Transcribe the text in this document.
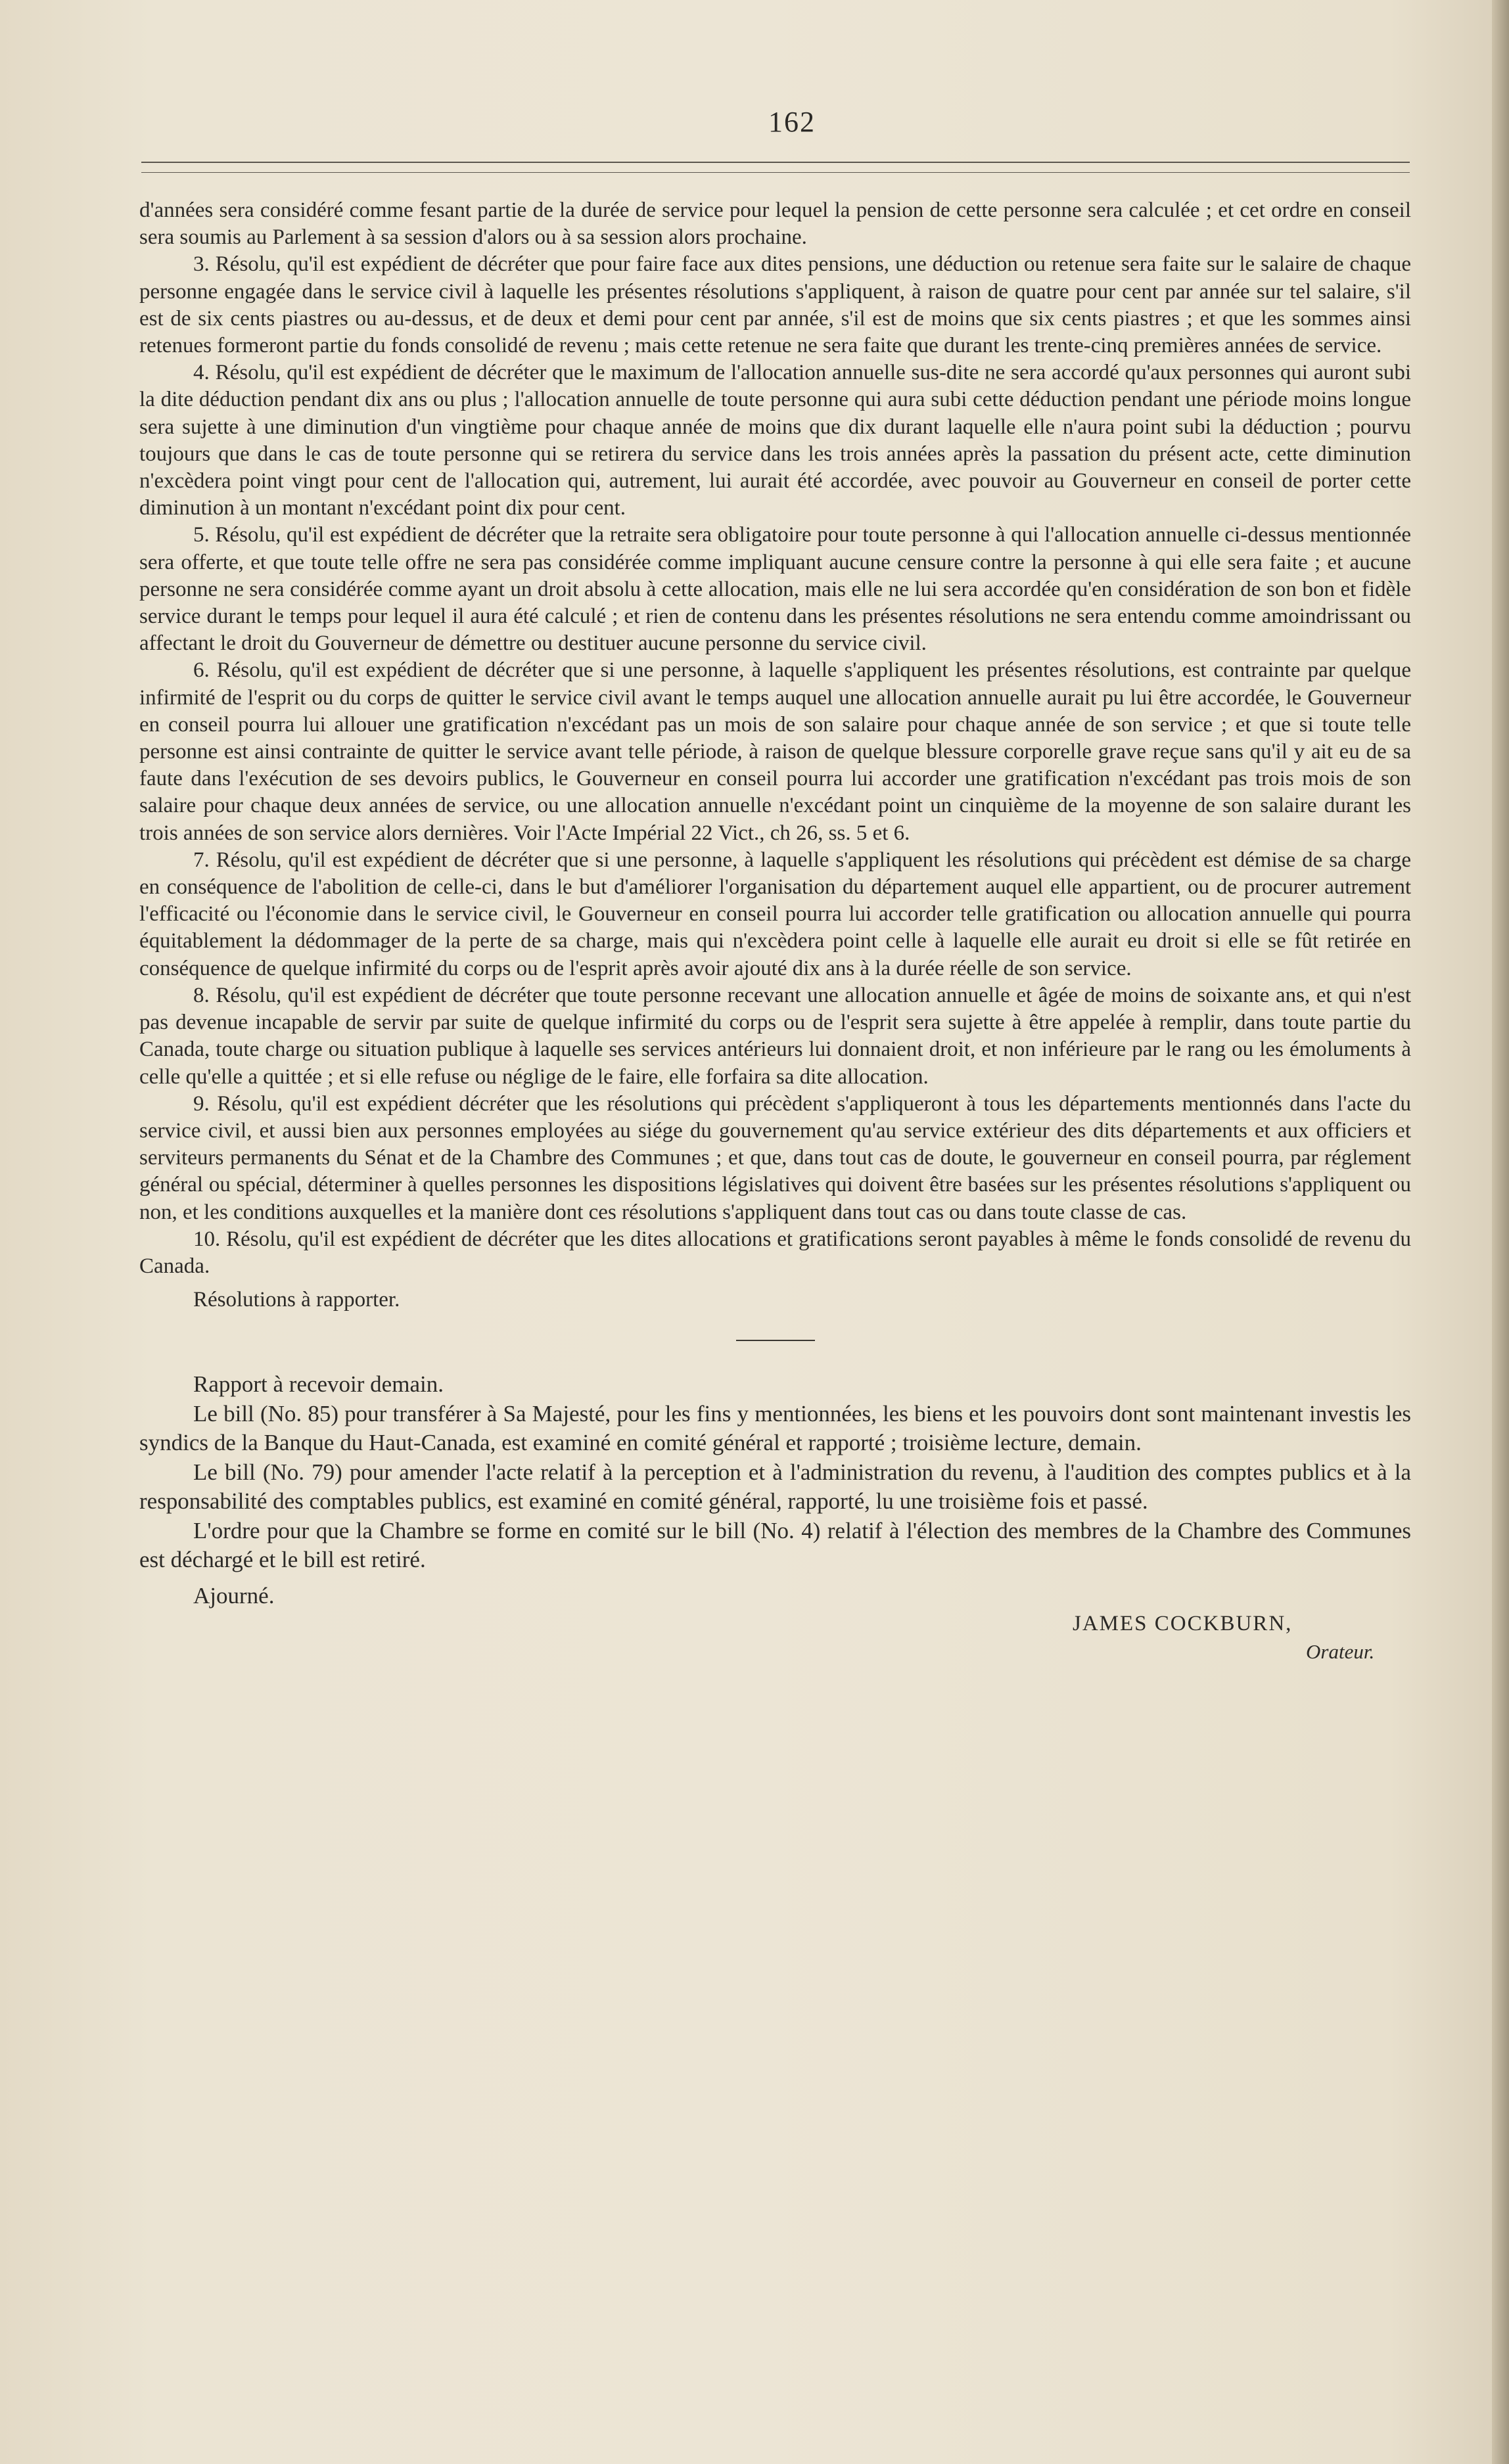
162

d'années sera considéré comme fesant partie de la durée de service pour lequel la pension de cette personne sera calculée ; et cet ordre en conseil sera soumis au Parlement à sa session d'alors ou à sa session alors prochaine.

3. Résolu, qu'il est expédient de décréter que pour faire face aux dites pensions, une déduction ou retenue sera faite sur le salaire de chaque personne engagée dans le service civil à laquelle les présentes résolutions s'appliquent, à raison de quatre pour cent par année sur tel salaire, s'il est de six cents piastres ou au-dessus, et de deux et demi pour cent par année, s'il est de moins que six cents piastres ; et que les sommes ainsi retenues formeront partie du fonds consolidé de revenu ; mais cette retenue ne sera faite que durant les trente-cinq premières années de service.

4. Résolu, qu'il est expédient de décréter que le maximum de l'allocation annuelle sus-dite ne sera accordé qu'aux personnes qui auront subi la dite déduction pendant dix ans ou plus ; l'allocation annuelle de toute personne qui aura subi cette déduction pendant une période moins longue sera sujette à une diminution d'un vingtième pour chaque année de moins que dix durant laquelle elle n'aura point subi la déduction ; pourvu toujours que dans le cas de toute personne qui se retirera du service dans les trois années après la passation du présent acte, cette diminution n'excèdera point vingt pour cent de l'allocation qui, autrement, lui aurait été accordée, avec pouvoir au Gouverneur en conseil de porter cette diminution à un montant n'excédant point dix pour cent.

5. Résolu, qu'il est expédient de décréter que la retraite sera obligatoire pour toute personne à qui l'allocation annuelle ci-dessus mentionnée sera offerte, et que toute telle offre ne sera pas considérée comme impliquant aucune censure contre la personne à qui elle sera faite ; et aucune personne ne sera considérée comme ayant un droit absolu à cette allocation, mais elle ne lui sera accordée qu'en considération de son bon et fidèle service durant le temps pour lequel il aura été calculé ; et rien de contenu dans les présentes résolutions ne sera entendu comme amoindrissant ou affectant le droit du Gouverneur de démettre ou destituer aucune personne du service civil.

6. Résolu, qu'il est expédient de décréter que si une personne, à laquelle s'appliquent les présentes résolutions, est contrainte par quelque infirmité de l'esprit ou du corps de quitter le service civil avant le temps auquel une allocation annuelle aurait pu lui être accordée, le Gouverneur en conseil pourra lui allouer une gratification n'excédant pas un mois de son salaire pour chaque année de son service ; et que si toute telle personne est ainsi contrainte de quitter le service avant telle période, à raison de quelque blessure corporelle grave reçue sans qu'il y ait eu de sa faute dans l'exécution de ses devoirs publics, le Gouverneur en conseil pourra lui accorder une gratification n'excédant pas trois mois de son salaire pour chaque deux années de service, ou une allocation annuelle n'excédant point un cinquième de la moyenne de son salaire durant les trois années de son service alors dernières. Voir l'Acte Impérial 22 Vict., ch 26, ss. 5 et 6.

7. Résolu, qu'il est expédient de décréter que si une personne, à laquelle s'appliquent les résolutions qui précèdent est démise de sa charge en conséquence de l'abolition de celle-ci, dans le but d'améliorer l'organisation du département auquel elle appartient, ou de procurer autrement l'efficacité ou l'économie dans le service civil, le Gouverneur en conseil pourra lui accorder telle gratification ou allocation annuelle qui pourra équitablement la dédommager de la perte de sa charge, mais qui n'excèdera point celle à laquelle elle aurait eu droit si elle se fût retirée en conséquence de quelque infirmité du corps ou de l'esprit après avoir ajouté dix ans à la durée réelle de son service.

8. Résolu, qu'il est expédient de décréter que toute personne recevant une allocation annuelle et âgée de moins de soixante ans, et qui n'est pas devenue incapable de servir par suite de quelque infirmité du corps ou de l'esprit sera sujette à être appelée à remplir, dans toute partie du Canada, toute charge ou situation publique à laquelle ses services antérieurs lui donnaient droit, et non inférieure par le rang ou les émoluments à celle qu'elle a quittée ; et si elle refuse ou néglige de le faire, elle forfaira sa dite allocation.

9. Résolu, qu'il est expédient décréter que les résolutions qui précèdent s'appliqueront à tous les départements mentionnés dans l'acte du service civil, et aussi bien aux personnes employées au siége du gouvernement qu'au service extérieur des dits départements et aux officiers et serviteurs permanents du Sénat et de la Chambre des Communes ; et que, dans tout cas de doute, le gouverneur en conseil pourra, par réglement général ou spécial, déterminer à quelles personnes les dispositions législatives qui doivent être basées sur les présentes résolutions s'appliquent ou non, et les conditions auxquelles et la manière dont ces résolutions s'appliquent dans tout cas ou dans toute classe de cas.

10. Résolu, qu'il est expédient de décréter que les dites allocations et gratifications seront payables à même le fonds consolidé de revenu du Canada.

Résolutions à rapporter.

Rapport à recevoir demain.

Le bill (No. 85) pour transférer à Sa Majesté, pour les fins y mentionnées, les biens et les pouvoirs dont sont maintenant investis les syndics de la Banque du Haut-Canada, est examiné en comité général et rapporté ; troisième lecture, demain.

Le bill (No. 79) pour amender l'acte relatif à la perception et à l'administration du revenu, à l'audition des comptes publics et à la responsabilité des comptables publics, est examiné en comité général, rapporté, lu une troisième fois et passé.

L'ordre pour que la Chambre se forme en comité sur le bill (No. 4) relatif à l'élection des membres de la Chambre des Communes est déchargé et le bill est retiré.

Ajourné.

JAMES COCKBURN,

Orateur.
